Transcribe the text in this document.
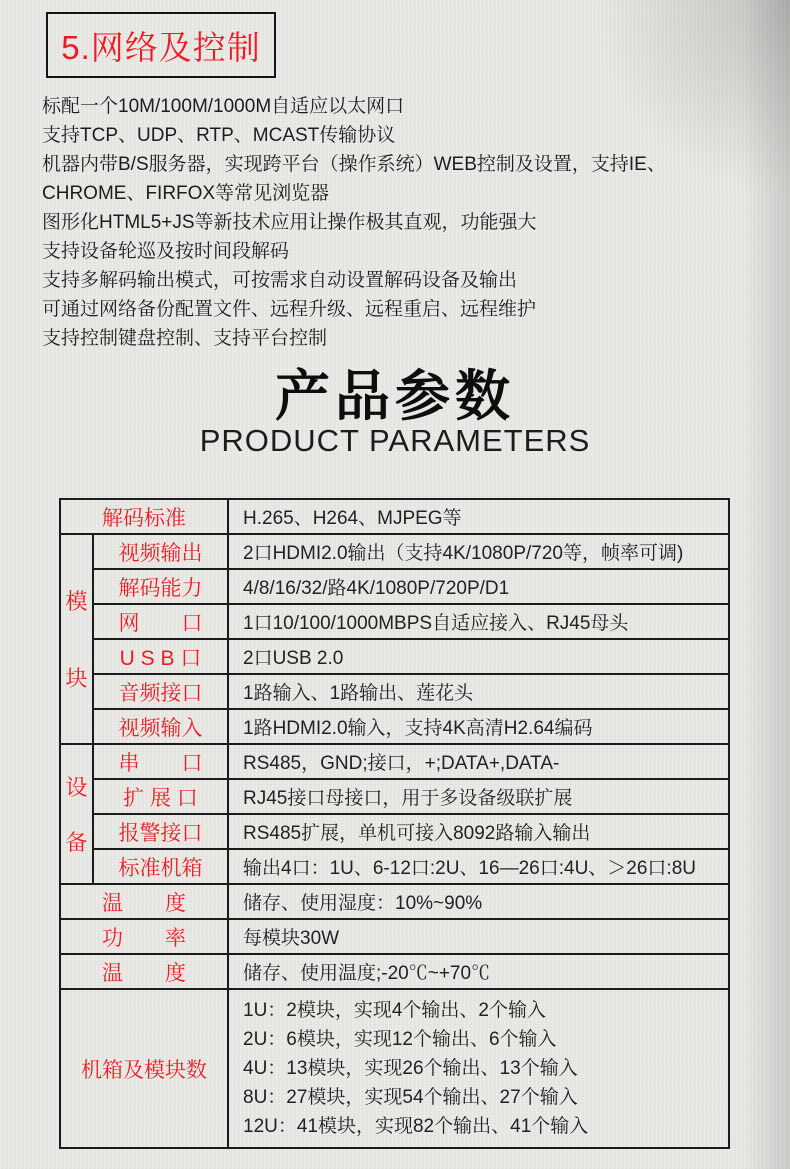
5.网络及控制
标配一个10M/100M/1000M自适应以太网口
支持TCP、UDP、RTP、MCAST传输协议
机器内带B/S服务器，实现跨平台（操作系统）WEB控制及设置，支持IE、CHROME、FIRFOX等常见浏览器
图形化HTML5+JS等新技术应用让操作极其直观，功能强大
支持设备轮巡及按时间段解码
支持多解码输出模式，可按需求自动设置解码设备及输出
可通过网络备份配置文件、远程升级、远程重启、远程维护
支持控制键盘控制、支持平台控制
产品参数
PRODUCT PARAMETERS
解码标准		H.265、H264、MJPEG等

模
块	视频输出	2口HDMI2.0输出（支持4K/1080P/720等，帧率可调)
	解码能力	4/8/16/32/路4K/1080P/720P/D1
	网　　口	1口10/100/1000MBPS自适应接入、RJ45母头
	U S B 口	2口USB 2.0
	音频接口	1路输入、1路输出、莲花头
	视频输入	1路HDMI2.0输入，支持4K高清H2.64编码

设
备	串　　口	RS485，GND;接口，+;DATA+,DATA-
	扩 展 口	RJ45接口母接口，用于多设备级联扩展
	报警接口	RS485扩展，单机可接入8092路输入输出
	标准机箱	输出4口：1U、6-12口:2U、16—26口:4U、＞26口:8U
温　　度		储存、使用湿度：10%~90%
功　　率		每模块30W
温　　度		储存、使用温度;-20℃~+70℃
机箱及模块数		1U：2模块，实现4个输出、2个输入
2U：6模块，实现12个输出、6个输入
4U：13模块，实现26个输出、13个输入
8U：27模块，实现54个输出、27个输入
12U：41模块，实现82个输出、41个输入
